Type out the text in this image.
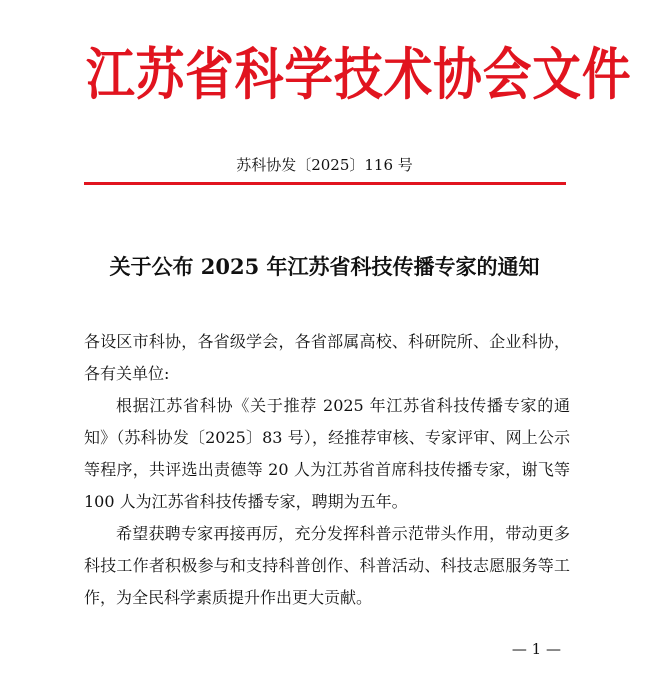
江苏省科学技术协会文件
苏科协发〔2025〕116 号
关于公布 2025 年江苏省科技传播专家的通知

各设区市科协，各省级学会，各省部属高校、科研院所、企业科协，各有关单位:

根据江苏省科协《关于推荐 2025 年江苏省科技传播专家的通知》（苏科协发〔2025〕83 号），经推荐审核、专家评审、网上公示等程序，共评选出责德等 20 人为江苏省首席科技传播专家，谢飞等 100 人为江苏省科技传播专家，聘期为五年。

希望获聘专家再接再厉，充分发挥科普示范带头作用，带动更多科技工作者积极参与和支持科普创作、科普活动、科技志愿服务等工作，为全民科学素质提升作出更大贡献。

— 1 —
